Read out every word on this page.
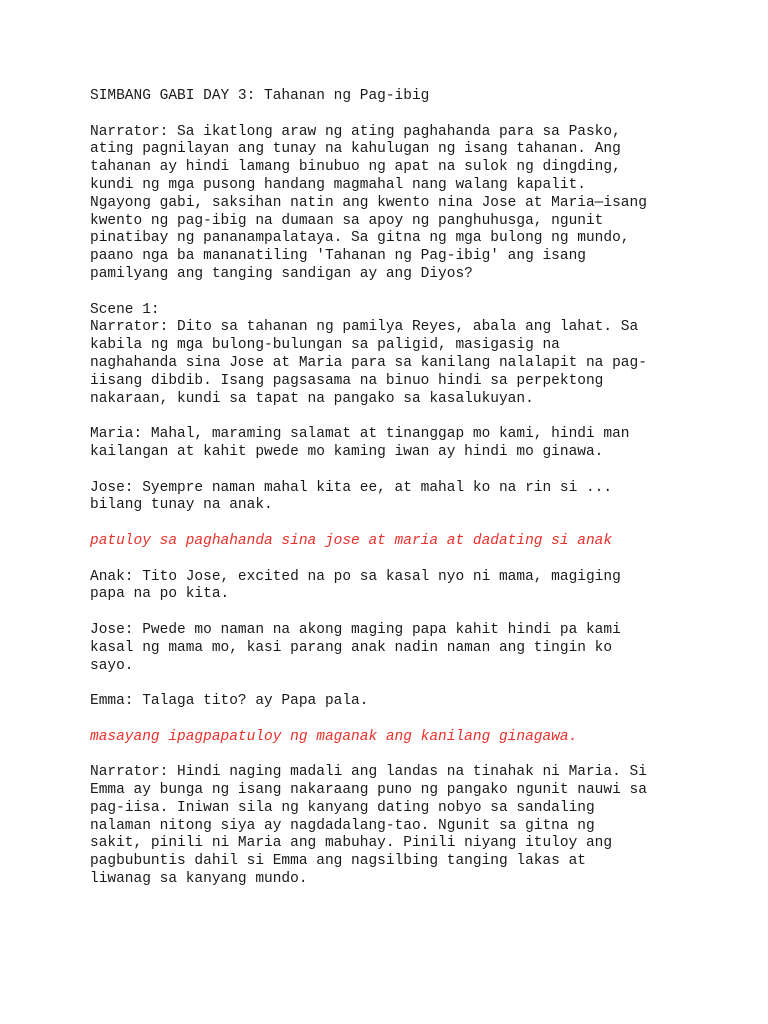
SIMBANG GABI DAY 3: Tahanan ng Pag-ibig
Narrator: Sa ikatlong araw ng ating paghahanda para sa Pasko,
ating pagnilayan ang tunay na kahulugan ng isang tahanan. Ang
tahanan ay hindi lamang binubuo ng apat na sulok ng dingding,
kundi ng mga pusong handang magmahal nang walang kapalit.
Ngayong gabi, saksihan natin ang kwento nina Jose at Maria—isang
kwento ng pag-ibig na dumaan sa apoy ng panghuhusga, ngunit
pinatibay ng pananampalataya. Sa gitna ng mga bulong ng mundo,
paano nga ba mananatiling 'Tahanan ng Pag-ibig' ang isang
pamilyang ang tanging sandigan ay ang Diyos?
Scene 1:
Narrator: Dito sa tahanan ng pamilya Reyes, abala ang lahat. Sa
kabila ng mga bulong-bulungan sa paligid, masigasig na
naghahanda sina Jose at Maria para sa kanilang nalalapit na pag-
iisang dibdib. Isang pagsasama na binuo hindi sa perpektong
nakaraan, kundi sa tapat na pangako sa kasalukuyan.
Maria: Mahal, maraming salamat at tinanggap mo kami, hindi man
kailangan at kahit pwede mo kaming iwan ay hindi mo ginawa.
Jose: Syempre naman mahal kita ee, at mahal ko na rin si ...
bilang tunay na anak.
patuloy sa paghahanda sina jose at maria at dadating si anak
Anak: Tito Jose, excited na po sa kasal nyo ni mama, magiging
papa na po kita.
Jose: Pwede mo naman na akong maging papa kahit hindi pa kami
kasal ng mama mo, kasi parang anak nadin naman ang tingin ko
sayo.
Emma: Talaga tito? ay Papa pala.
masayang ipagpapatuloy ng maganak ang kanilang ginagawa.
Narrator: Hindi naging madali ang landas na tinahak ni Maria. Si
Emma ay bunga ng isang nakaraang puno ng pangako ngunit nauwi sa
pag-iisa. Iniwan sila ng kanyang dating nobyo sa sandaling
nalaman nitong siya ay nagdadalang-tao. Ngunit sa gitna ng
sakit, pinili ni Maria ang mabuhay. Pinili niyang ituloy ang
pagbubuntis dahil si Emma ang nagsilbing tanging lakas at
liwanag sa kanyang mundo.
